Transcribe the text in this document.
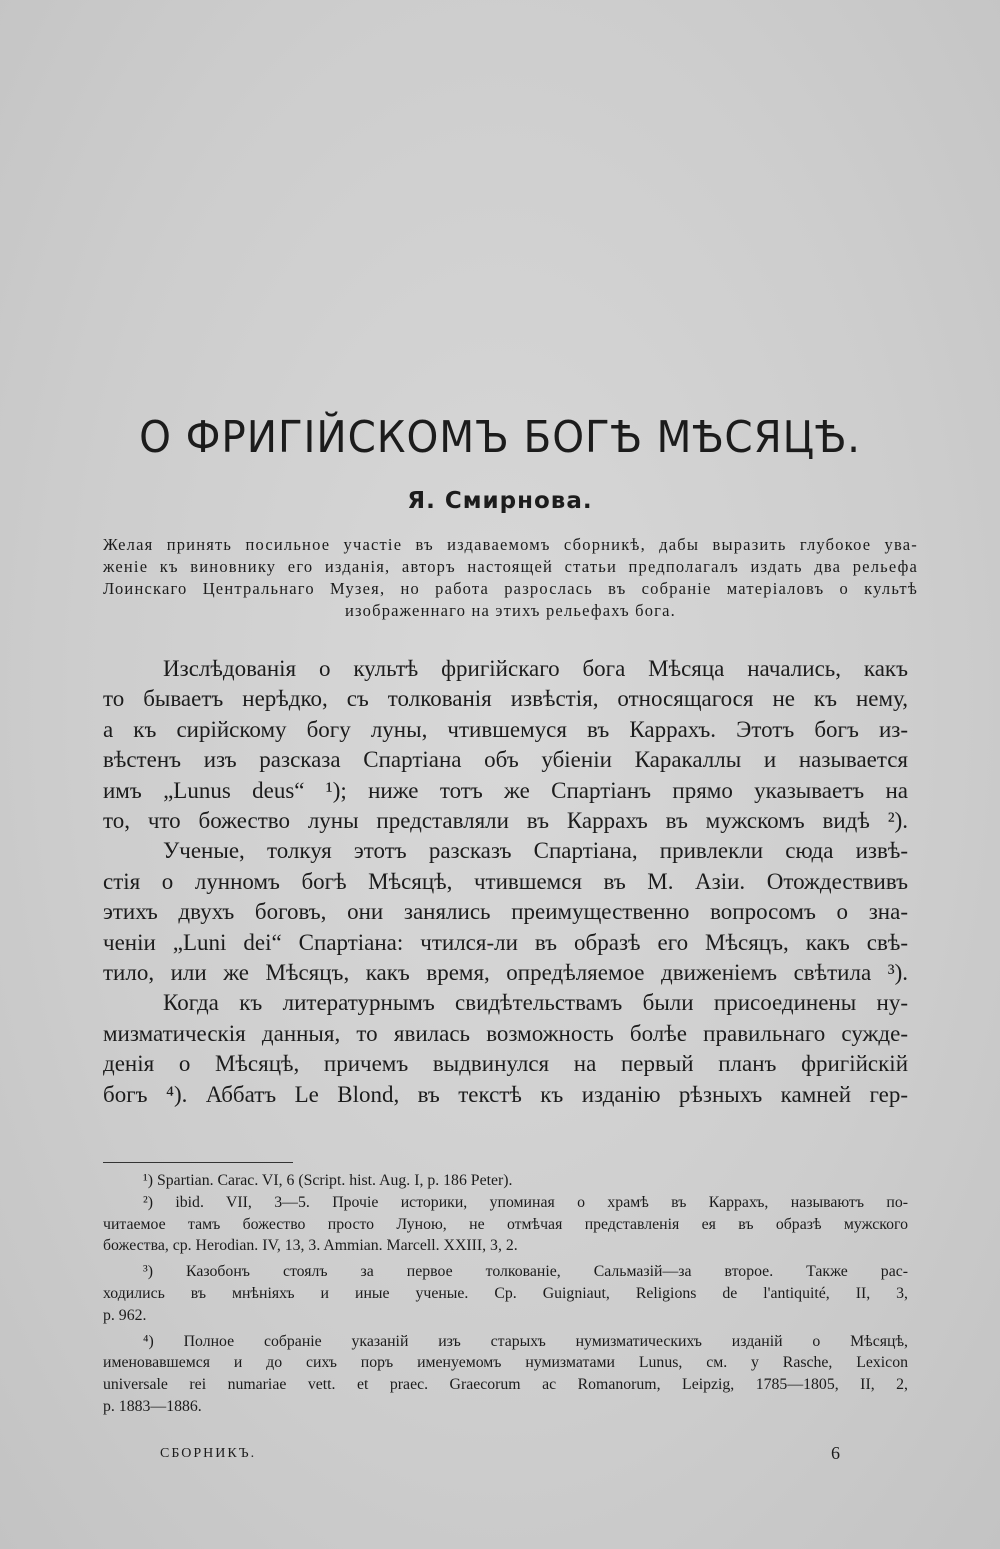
О ФРИГІЙСКОМЪ БОГѢ МѢСЯЦѢ.
Я. Смирнова.
Желая принять посильное участіе въ издаваемомъ сборникѣ, дабы выразить глубокое ува-
женіе къ виновнику его изданія, авторъ настоящей статьи предполагалъ издать два рельефа
Лоинскаго Центральнаго Музея, но работа разрослась въ собраніе матеріаловъ о культѣ
изображеннаго на этихъ рельефахъ бога.
Изслѣдованія о культѣ фригійскаго бога Мѣсяца начались, какъ
то бываетъ нерѣдко, съ толкованія извѣстія, относящагося не къ нему,
а къ сирійскому богу луны, чтившемуся въ Каррахъ. Этотъ богъ из-
вѣстенъ изъ разсказа Спартіана объ убіеніи Каракаллы и называется
имъ „Lunus deus“ ¹); ниже тотъ же Спартіанъ прямо указываетъ на
то, что божество луны представляли въ Каррахъ въ мужскомъ видѣ ²).
Ученые, толкуя этотъ разсказъ Спартіана, привлекли сюда извѣ-
стія о лунномъ богѣ Мѣсяцѣ, чтившемся въ М. Азіи. Отождествивъ
этихъ двухъ боговъ, они занялись преимущественно вопросомъ о зна-
ченіи „Luni dei“ Спартіана: чтился-ли въ образѣ его Мѣсяцъ, какъ свѣ-
тило, или же Мѣсяцъ, какъ время, опредѣляемое движеніемъ свѣтила ³).
Когда къ литературнымъ свидѣтельствамъ были присоединены ну-
мизматическія данныя, то явилась возможность болѣе правильнаго сужде-
денія о Мѣсяцѣ, причемъ выдвинулся на первый планъ фригійскій
богъ ⁴). Аббатъ Le Blond, въ текстѣ къ изданію рѣзныхъ камней гер-
¹) Spartian. Carac. VI, 6 (Script. hist. Aug. I, p. 186 Peter).
²) ibid. VII, 3—5. Прочіе историки, упоминая о храмѣ въ Каррахъ, называютъ по-
читаемое тамъ божество просто Луною, не отмѣчая представленія ея въ образѣ мужского
божества, ср. Herodian. IV, 13, 3. Ammian. Marcell. XXIII, 3, 2.
³) Казобонъ стоялъ за первое толкованіе, Сальмазій—за второе. Также рас-
ходились въ мнѣніяхъ и иные ученые. Ср. Guigniaut, Religions de l'antiquité, II, 3,
p. 962.
⁴) Полное собраніе указаній изъ старыхъ нумизматическихъ изданій о Мѣсяцѣ,
именовавшемся и до сихъ поръ именуемомъ нумизматами Lunus, см. у Rasche, Lexicon
universale rei numariae vett. et praec. Graecorum ac Romanorum, Leipzig, 1785—1805, II, 2,
p. 1883—1886.
СБОРНИКЪ.	6
